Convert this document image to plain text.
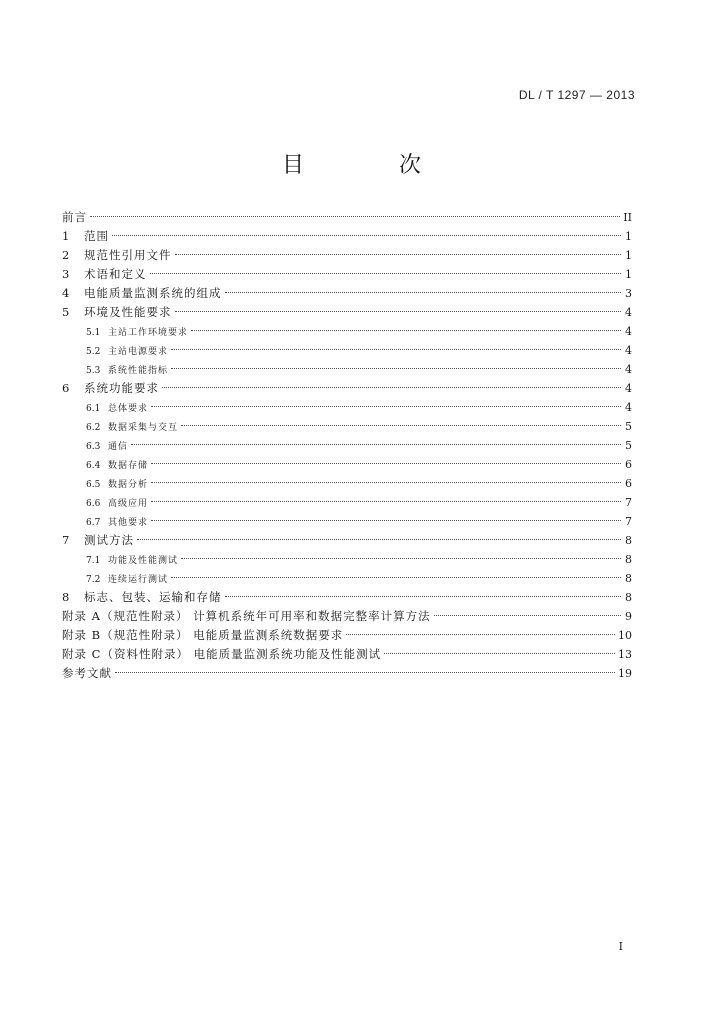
DL / T 1297 — 2013
目 次
前言	II
1	范围	1
2	规范性引用文件	1
3	术语和定义	1
4	电能质量监测系统的组成	3
5	环境及性能要求	4
5.1 主站工作环境要求	4
5.2 主站电源要求	4
5.3 系统性能指标	4
6	系统功能要求	4
6.1 总体要求	4
6.2 数据采集与交互	5
6.3 通信	5
6.4 数据存储	6
6.5 数据分析	6
6.6 高级应用	7
6.7 其他要求	7
7	测试方法	8
7.1 功能及性能测试	8
7.2 连续运行测试	8
8	标志、包装、运输和存储	8
附录 A（规范性附录） 计算机系统年可用率和数据完整率计算方法	9
附录 B（规范性附录） 电能质量监测系统数据要求	10
附录 C（资料性附录） 电能质量监测系统功能及性能测试	13
参考文献	19
I
